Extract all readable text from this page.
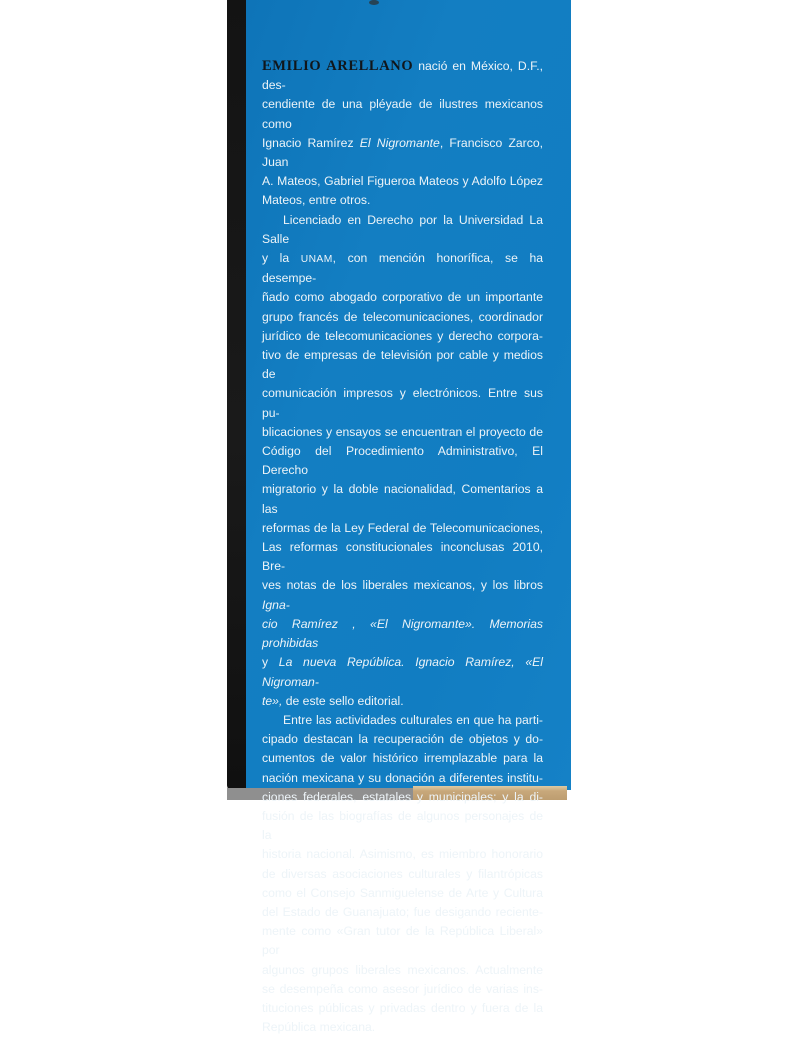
EMILIO ARELLANO nació en México, D.F., des-
cendiente de una pléyade de ilustres mexicanos como
Ignacio Ramírez El Nigromante, Francisco Zarco, Juan
A. Mateos, Gabriel Figueroa Mateos y Adolfo López
Mateos, entre otros.
Licenciado en Derecho por la Universidad La Salle
y la UNAM, con mención honorífica, se ha desempe-
ñado como abogado corporativo de un importante
grupo francés de telecomunicaciones, coordinador
jurídico de telecomunicaciones y derecho corpora-
tivo de empresas de televisión por cable y medios de
comunicación impresos y electrónicos. Entre sus pu-
blicaciones y ensayos se encuentran el proyecto de
Código del Procedimiento Administrativo, El Derecho
migratorio y la doble nacionalidad, Comentarios a las
reformas de la Ley Federal de Telecomunicaciones,
Las reformas constitucionales inconclusas 2010, Bre-
ves notas de los liberales mexicanos, y los libros Igna-
cio Ramírez , «El Nigromante». Memorias prohibidas
y La nueva República. Ignacio Ramírez, «El Nigroman-
te», de este sello editorial.
Entre las actividades culturales en que ha parti-
cipado destacan la recuperación de objetos y do-
cumentos de valor histórico irremplazable para la
nación mexicana y su donación a diferentes institu-
ciones federales, estatales y municipales; y la di-
fusión de las biografías de algunos personajes de la
historia nacional. Asimismo, es miembro honorario
de diversas asociaciones culturales y filantrópicas
como el Consejo Sanmiguelense de Arte y Cultura
del Estado de Guanajuato; fue desigando reciente-
mente como «Gran tutor de la República Liberal» por
algunos grupos liberales mexicanos. Actualmente
se desempeña como asesor jurídico de varias ins-
tituciones públicas y privadas dentro y fuera de la
República mexicana.
